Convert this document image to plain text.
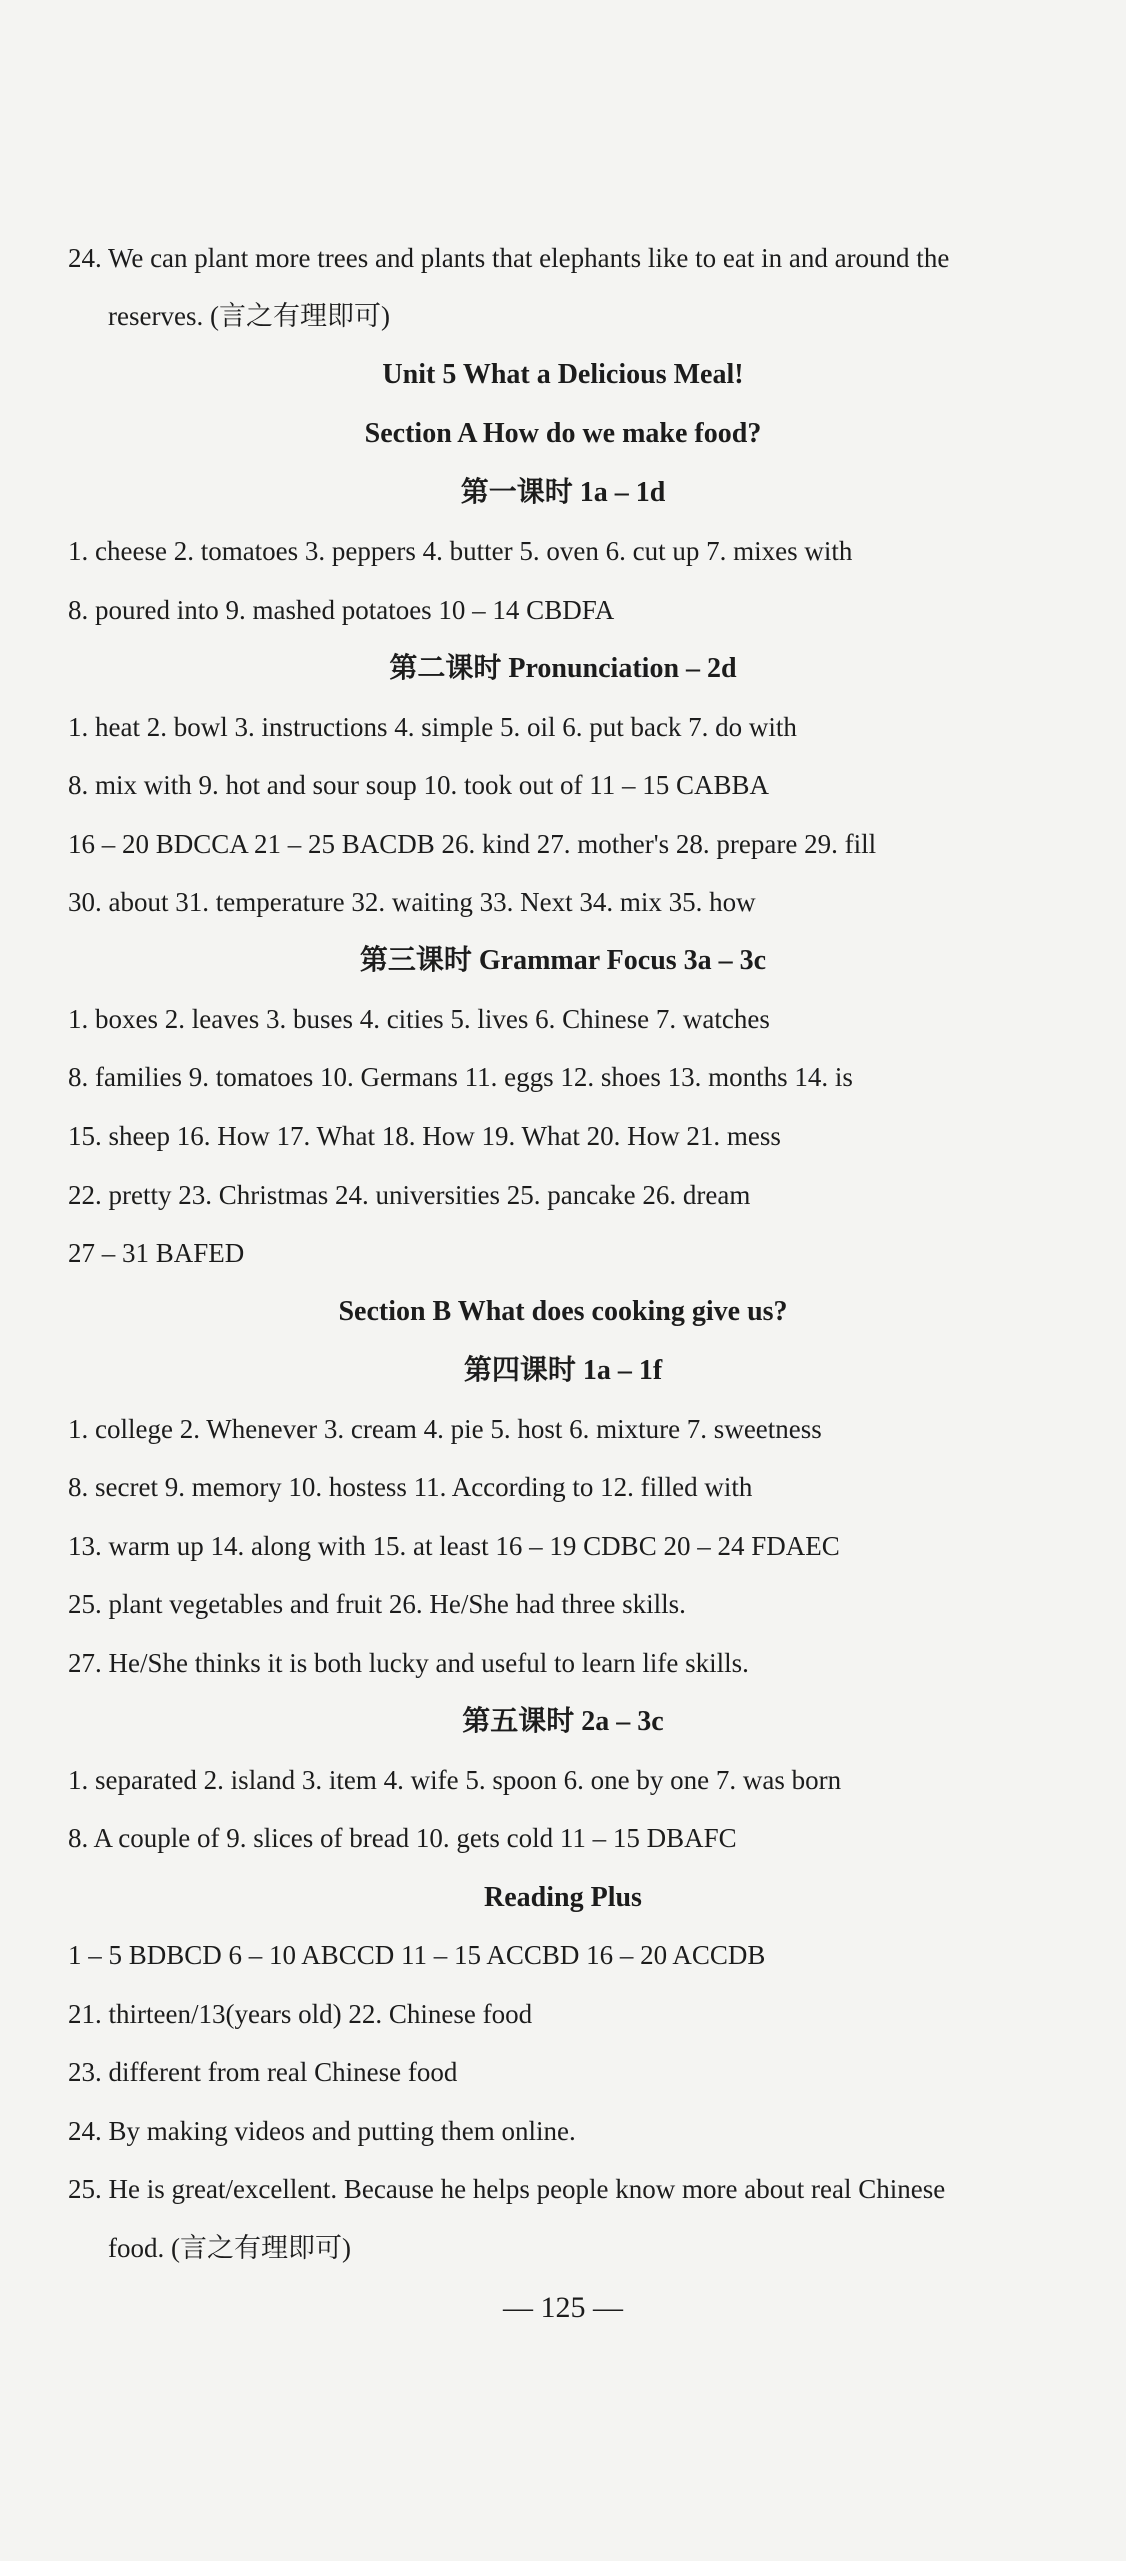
24. We can plant more trees and plants that elephants like to eat in and around the
reserves. (言之有理即可)
Unit 5 What a Delicious Meal!
Section A How do we make food?
第一课时 1a – 1d
1. cheese 2. tomatoes 3. peppers 4. butter 5. oven 6. cut up 7. mixes with
8. poured into 9. mashed potatoes 10 – 14 CBDFA
第二课时 Pronunciation – 2d
1. heat 2. bowl 3. instructions 4. simple 5. oil 6. put back 7. do with
8. mix with 9. hot and sour soup 10. took out of 11 – 15 CABBA
16 – 20 BDCCA 21 – 25 BACDB 26. kind 27. mother's 28. prepare 29. fill
30. about 31. temperature 32. waiting 33. Next 34. mix 35. how
第三课时 Grammar Focus 3a – 3c
1. boxes 2. leaves 3. buses 4. cities 5. lives 6. Chinese 7. watches
8. families 9. tomatoes 10. Germans 11. eggs 12. shoes 13. months 14. is
15. sheep 16. How 17. What 18. How 19. What 20. How 21. mess
22. pretty 23. Christmas 24. universities 25. pancake 26. dream
27 – 31 BAFED
Section B What does cooking give us?
第四课时 1a – 1f
1. college 2. Whenever 3. cream 4. pie 5. host 6. mixture 7. sweetness
8. secret 9. memory 10. hostess 11. According to 12. filled with
13. warm up 14. along with 15. at least 16 – 19 CDBC 20 – 24 FDAEC
25. plant vegetables and fruit 26. He/She had three skills.
27. He/She thinks it is both lucky and useful to learn life skills.
第五课时 2a – 3c
1. separated 2. island 3. item 4. wife 5. spoon 6. one by one 7. was born
8. A couple of 9. slices of bread 10. gets cold 11 – 15 DBAFC
Reading Plus
1 – 5 BDBCD 6 – 10 ABCCD 11 – 15 ACCBD 16 – 20 ACCDB
21. thirteen/13(years old) 22. Chinese food
23. different from real Chinese food
24. By making videos and putting them online.
25. He is great/excellent. Because he helps people know more about real Chinese
food. (言之有理即可)
— 125 —
